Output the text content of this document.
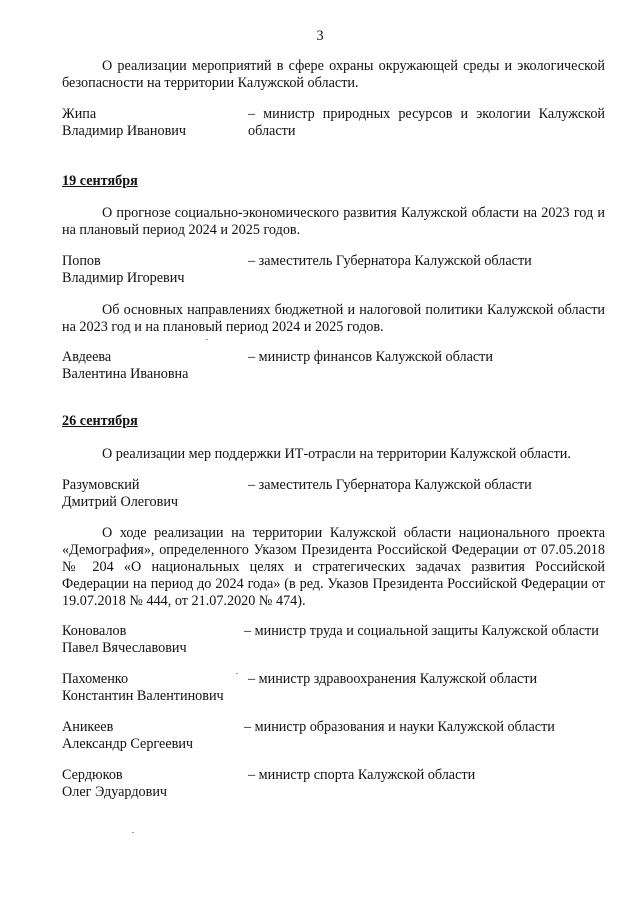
3
О реализации мероприятий в сфере охраны окружающей среды и экологической безопасности на территории Калужской области.
Жипа
Владимир Иванович
– министр природных ресурсов и экологии Калужской области
19 сентября
О прогнозе социально-экономического развития Калужской области на 2023 год и на плановый период 2024 и 2025 годов.
Попов
Владимир Игоревич
– заместитель Губернатора Калужской области
Об основных направлениях бюджетной и налоговой политики Калужской области на 2023 год и на плановый период 2024 и 2025 годов.
Авдеева
Валентина Ивановна
– министр финансов Калужской области
26 сентября
О реализации мер поддержки ИТ-отрасли на территории Калужской области.
Разумовский
Дмитрий Олегович
– заместитель Губернатора Калужской области
О ходе реализации на территории Калужской области национального проекта «Демография», определенного Указом Президента Российской Федерации от 07.05.2018 № 204 «О национальных целях и стратегических задачах развития Российской Федерации на период до 2024 года» (в ред. Указов Президента Российской Федерации от 19.07.2018 № 444, от 21.07.2020 № 474).
Коновалов
Павел Вячеславович
– министр труда и социальной защиты Калужской области
Пахоменко
Константин Валентинович
– министр здравоохранения Калужской области
Аникеев
Александр Сергеевич
– министр образования и науки Калужской области
Сердюков
Олег Эдуардович
– министр спорта Калужской области
